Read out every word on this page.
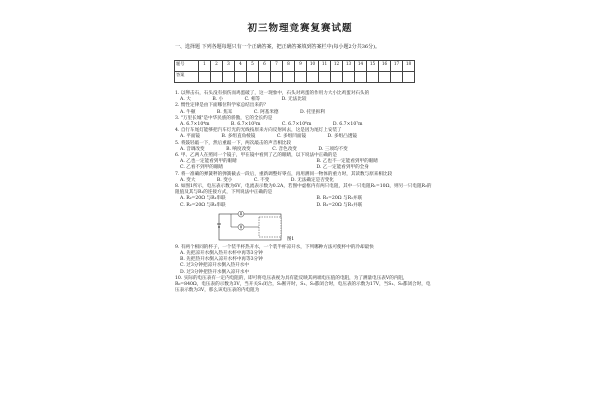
初三物理竞赛复赛试题
一、选择题 下列各题每题只有一个正确答案，把正确答案填到答案栏中(每小题2分共36分)。
题号	1	2	3	4	5	6	7	8	9	10	11	12	13	14	15	16	17	18
答案																		

1. 以卵击石，石头没有损伤而鸡蛋破了，这一现象中，石头对鸡蛋的作用力大小比鸡蛋对石头的

A. 大	B. 小	C. 相等	D. 无法比较

2. 惯性定律是由下面哪位科学家总结出来的？

A. 牛顿	B. 焦耳	C. 阿基米德	D. 托里拆利

3. "万里长城"是中华民族的骄傲，它的全长约是

A. 6.7×10⁴m	B. 6.7×10⁵m	C. 6.7×10⁶m	D. 6.7×10⁷m

4. 自行车尾灯能够把汽车灯光的光线按原来方向反射回去，这是因为尾灯上安装了

A. 平面镜	B. 多组直角棱镜	C. 多组凹面镜	D. 多组凸透镜

5. 将鼓轻敲一下，然后重敲一下，两次敲击的声音相比较

A. 音调改变	B. 响度改变	C. 音色改变	D. 三项均不变

6. 甲、乙两人在照同一个镜子，甲在镜中看到了乙的眼睛，以下说法中正确的是

A. 乙也一定能看到甲的眼睛	B. 乙也不一定能看到甲的眼睛
C. 乙看不到甲的眼睛	D. 乙一定能看到甲的全身

7. 将一准确的弹簧秤的弹簧截去一段后，重新调整好零点，再用测同一物体的重力时，其读数与原来相比较

A. 变大	B. 变小	C. 不变	D. 无法确定是否变化

8. 如图1所示，电压表示数为6V，电流表示数为0.2A，若图中虚框内有两只电阻，其中一只电阻R₁=10Ω，则另一只电阻R₂的阻值及其与R₁的连接方式，下列说法中正确的是

A. R₂=20Ω 与R₁串联	B. R₂=20Ω 与R₁并联
C. R₂=20Ω 与R₁串联	D. R₂=20Ω 与R₁并联
A
V
图1

9. 有两个相同的杯子，一个装半杯热开水，一个装半杯凉开水，下列哪种方法可使杯中的冷却最快

A. 先把凉开水倒入热开水杯中再等3分钟
B. 先把热开水倒入凉开水杯中再等3分钟
C. 过3分钟把凉开水倒入热开水中
D. 过3分钟把热开水倒入凉开水中

10. 实际的电压表有一定内电阻的，即可将电压表视为具有能反映其两端电压值的电阻，为了测量电压表V的内阻，R₀=840Ω，电压表的示数为3V，当开关S₁闭合，S₂断开时，S₁、S₂都闭合时，电压表的示数为17V，当S₁、S₂都闭合时，电压表示数为3V，那么该电压表的内电阻为
